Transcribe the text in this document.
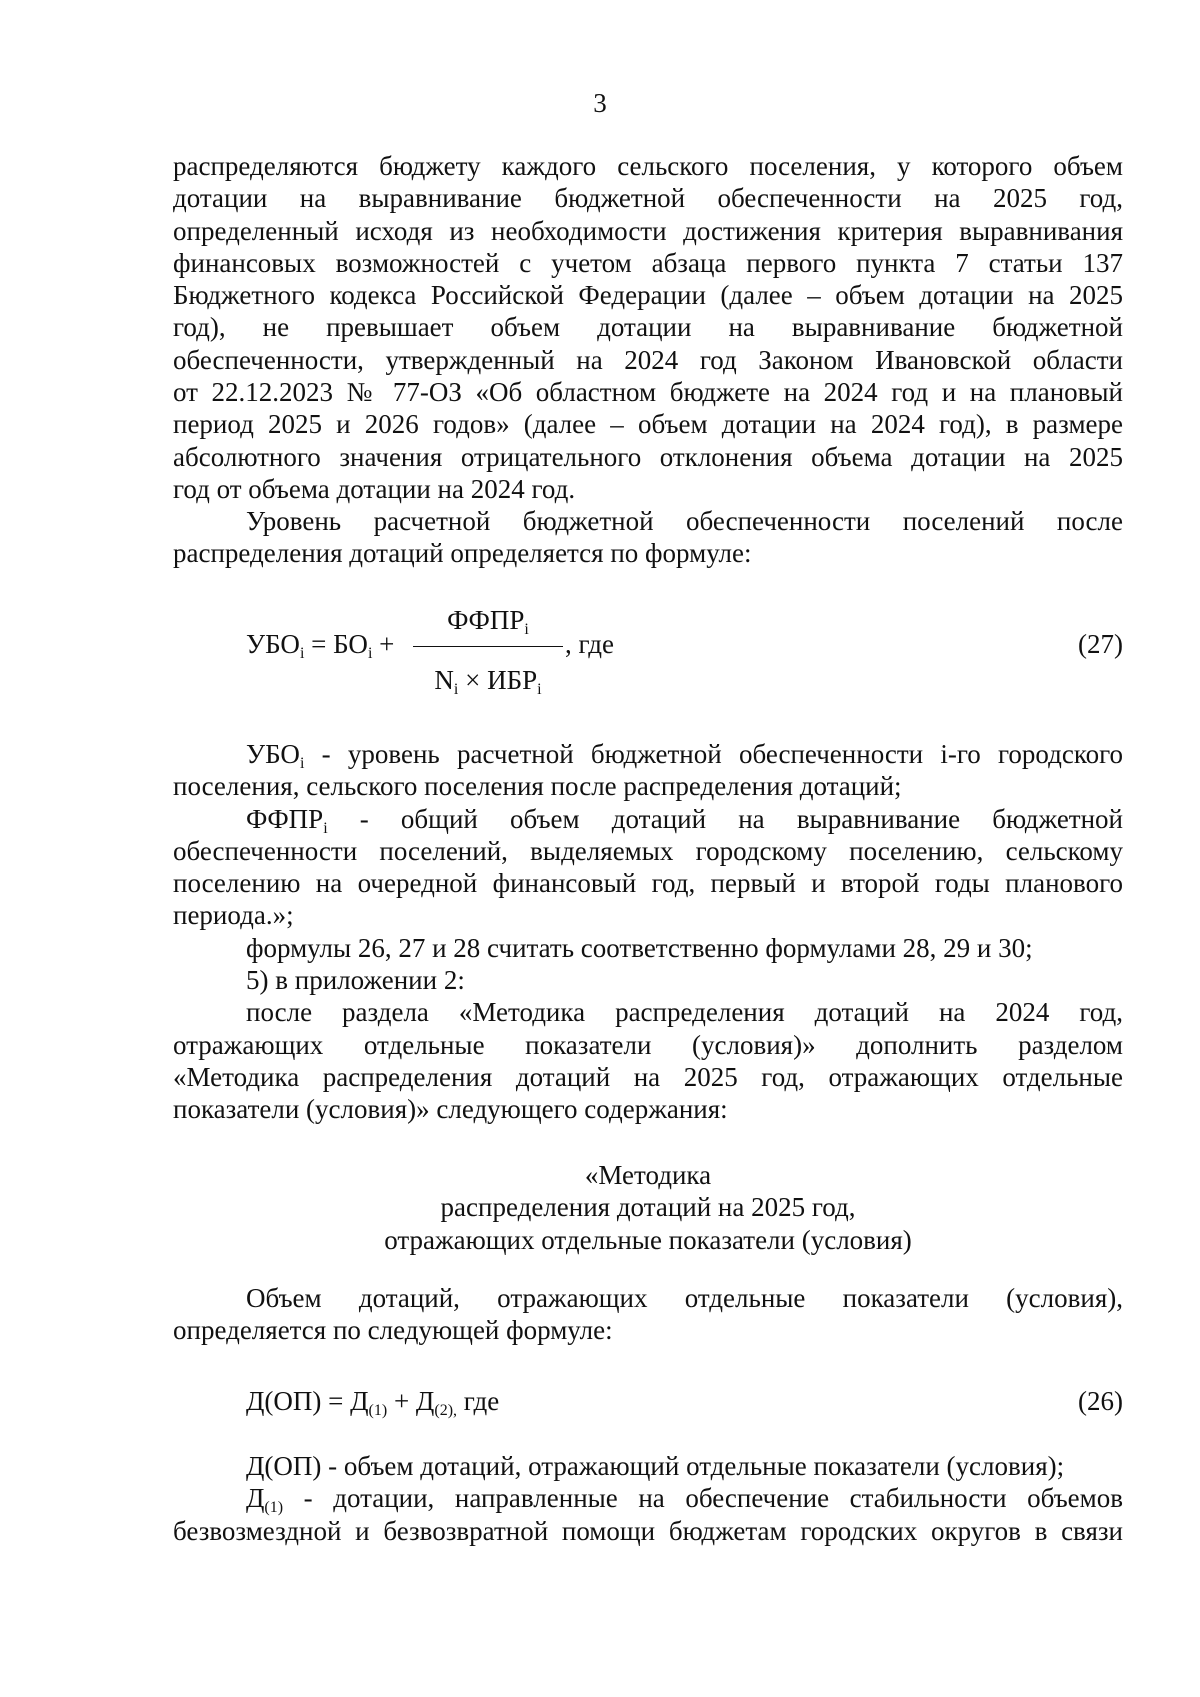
3

распределяются бюджету каждого сельского поселения, у которого объем

дотации на выравнивание бюджетной обеспеченности на 2025 год,

определенный исходя из необходимости достижения критерия выравнивания

финансовых возможностей с учетом абзаца первого пункта 7 статьи 137

Бюджетного кодекса Российской Федерации (далее – объем дотации на 2025

год), не превышает объем дотации на выравнивание бюджетной

обеспеченности, утвержденный на 2024 год Законом Ивановской области

от 22.12.2023 № 77-ОЗ «Об областном бюджете на 2024 год и на плановый

период 2025 и 2026 годов» (далее – объем дотации на 2024 год), в размере

абсолютного значения отрицательного отклонения объема дотации на 2025

год от объема дотации на 2024 год.

Уровень расчетной бюджетной обеспеченности поселений после

распределения дотаций определяется по формуле:

$ФФПР_i$
$УБО_i = БО_i$ +	, где
$N_i \times ИБР_i$
(27)

$УБО_i$ - уровень расчетной бюджетной обеспеченности i-го городского

поселения, сельского поселения после распределения дотаций;

$ФФПР_i$ - общий объем дотаций на выравнивание бюджетной

обеспеченности поселений, выделяемых городскому поселению, сельскому

поселению на очередной финансовый год, первый и второй годы планового

периода.»;

формулы 26, 27 и 28 считать соответственно формулами 28, 29 и 30;

5) в приложении 2:

после раздела «Методика распределения дотаций на 2024 год,

отражающих отдельные показатели (условия)» дополнить разделом

«Методика распределения дотаций на 2025 год, отражающих отдельные

показатели (условия)» следующего содержания:

«Методика

распределения дотаций на 2025 год,

отражающих отдельные показатели (условия)

Объем дотаций, отражающих отдельные показатели (условия),

определяется по следующей формуле:

$Д(ОП) = Д_{(1)} + Д_{(2),}$ где	(26)

Д(ОП) - объем дотаций, отражающий отдельные показатели (условия);

$Д_{(1)}$ - дотации, направленные на обеспечение стабильности объемов

безвозмездной и безвозвратной помощи бюджетам городских округов в связи
